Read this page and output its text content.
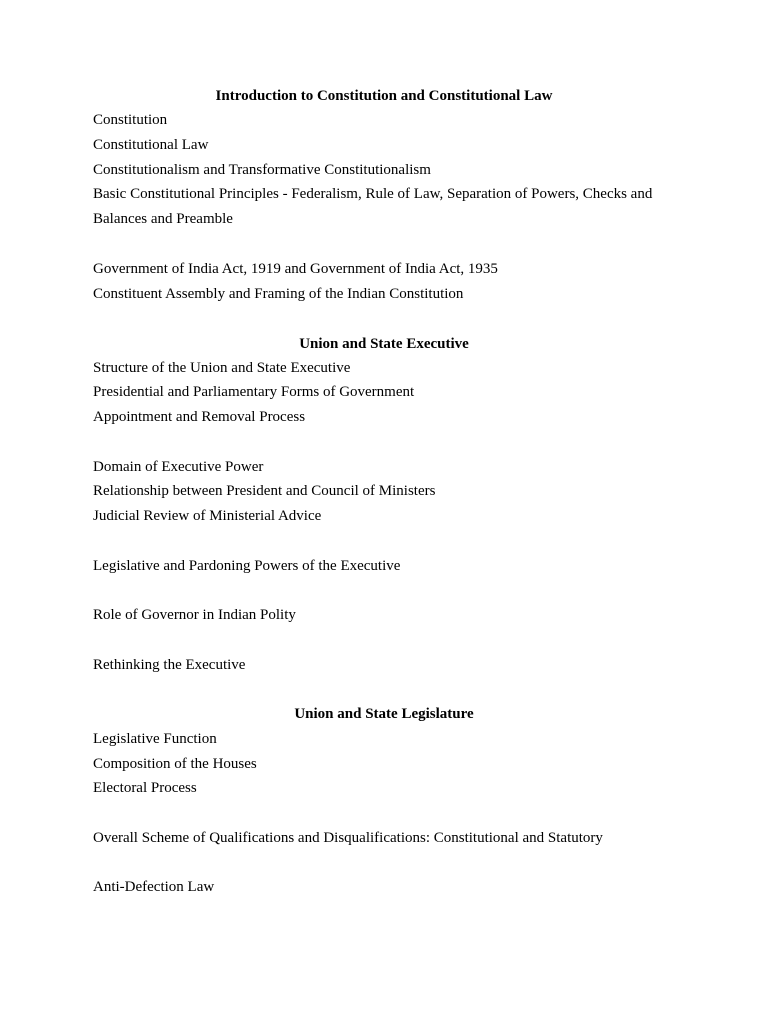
Introduction to Constitution and Constitutional Law
Constitution
Constitutional Law
Constitutionalism and Transformative Constitutionalism
Basic Constitutional Principles - Federalism, Rule of Law, Separation of Powers, Checks and
Balances and Preamble
Government of India Act, 1919 and Government of India Act, 1935
Constituent Assembly and Framing of the Indian Constitution
Union and State Executive
Structure of the Union and State Executive
Presidential and Parliamentary Forms of Government
Appointment and Removal Process
Domain of Executive Power
Relationship between President and Council of Ministers
Judicial Review of Ministerial Advice
Legislative and Pardoning Powers of the Executive
Role of Governor in Indian Polity
Rethinking the Executive
Union and State Legislature
Legislative Function
Composition of the Houses
Electoral Process
Overall Scheme of Qualifications and Disqualifications: Constitutional and Statutory
Anti-Defection Law
